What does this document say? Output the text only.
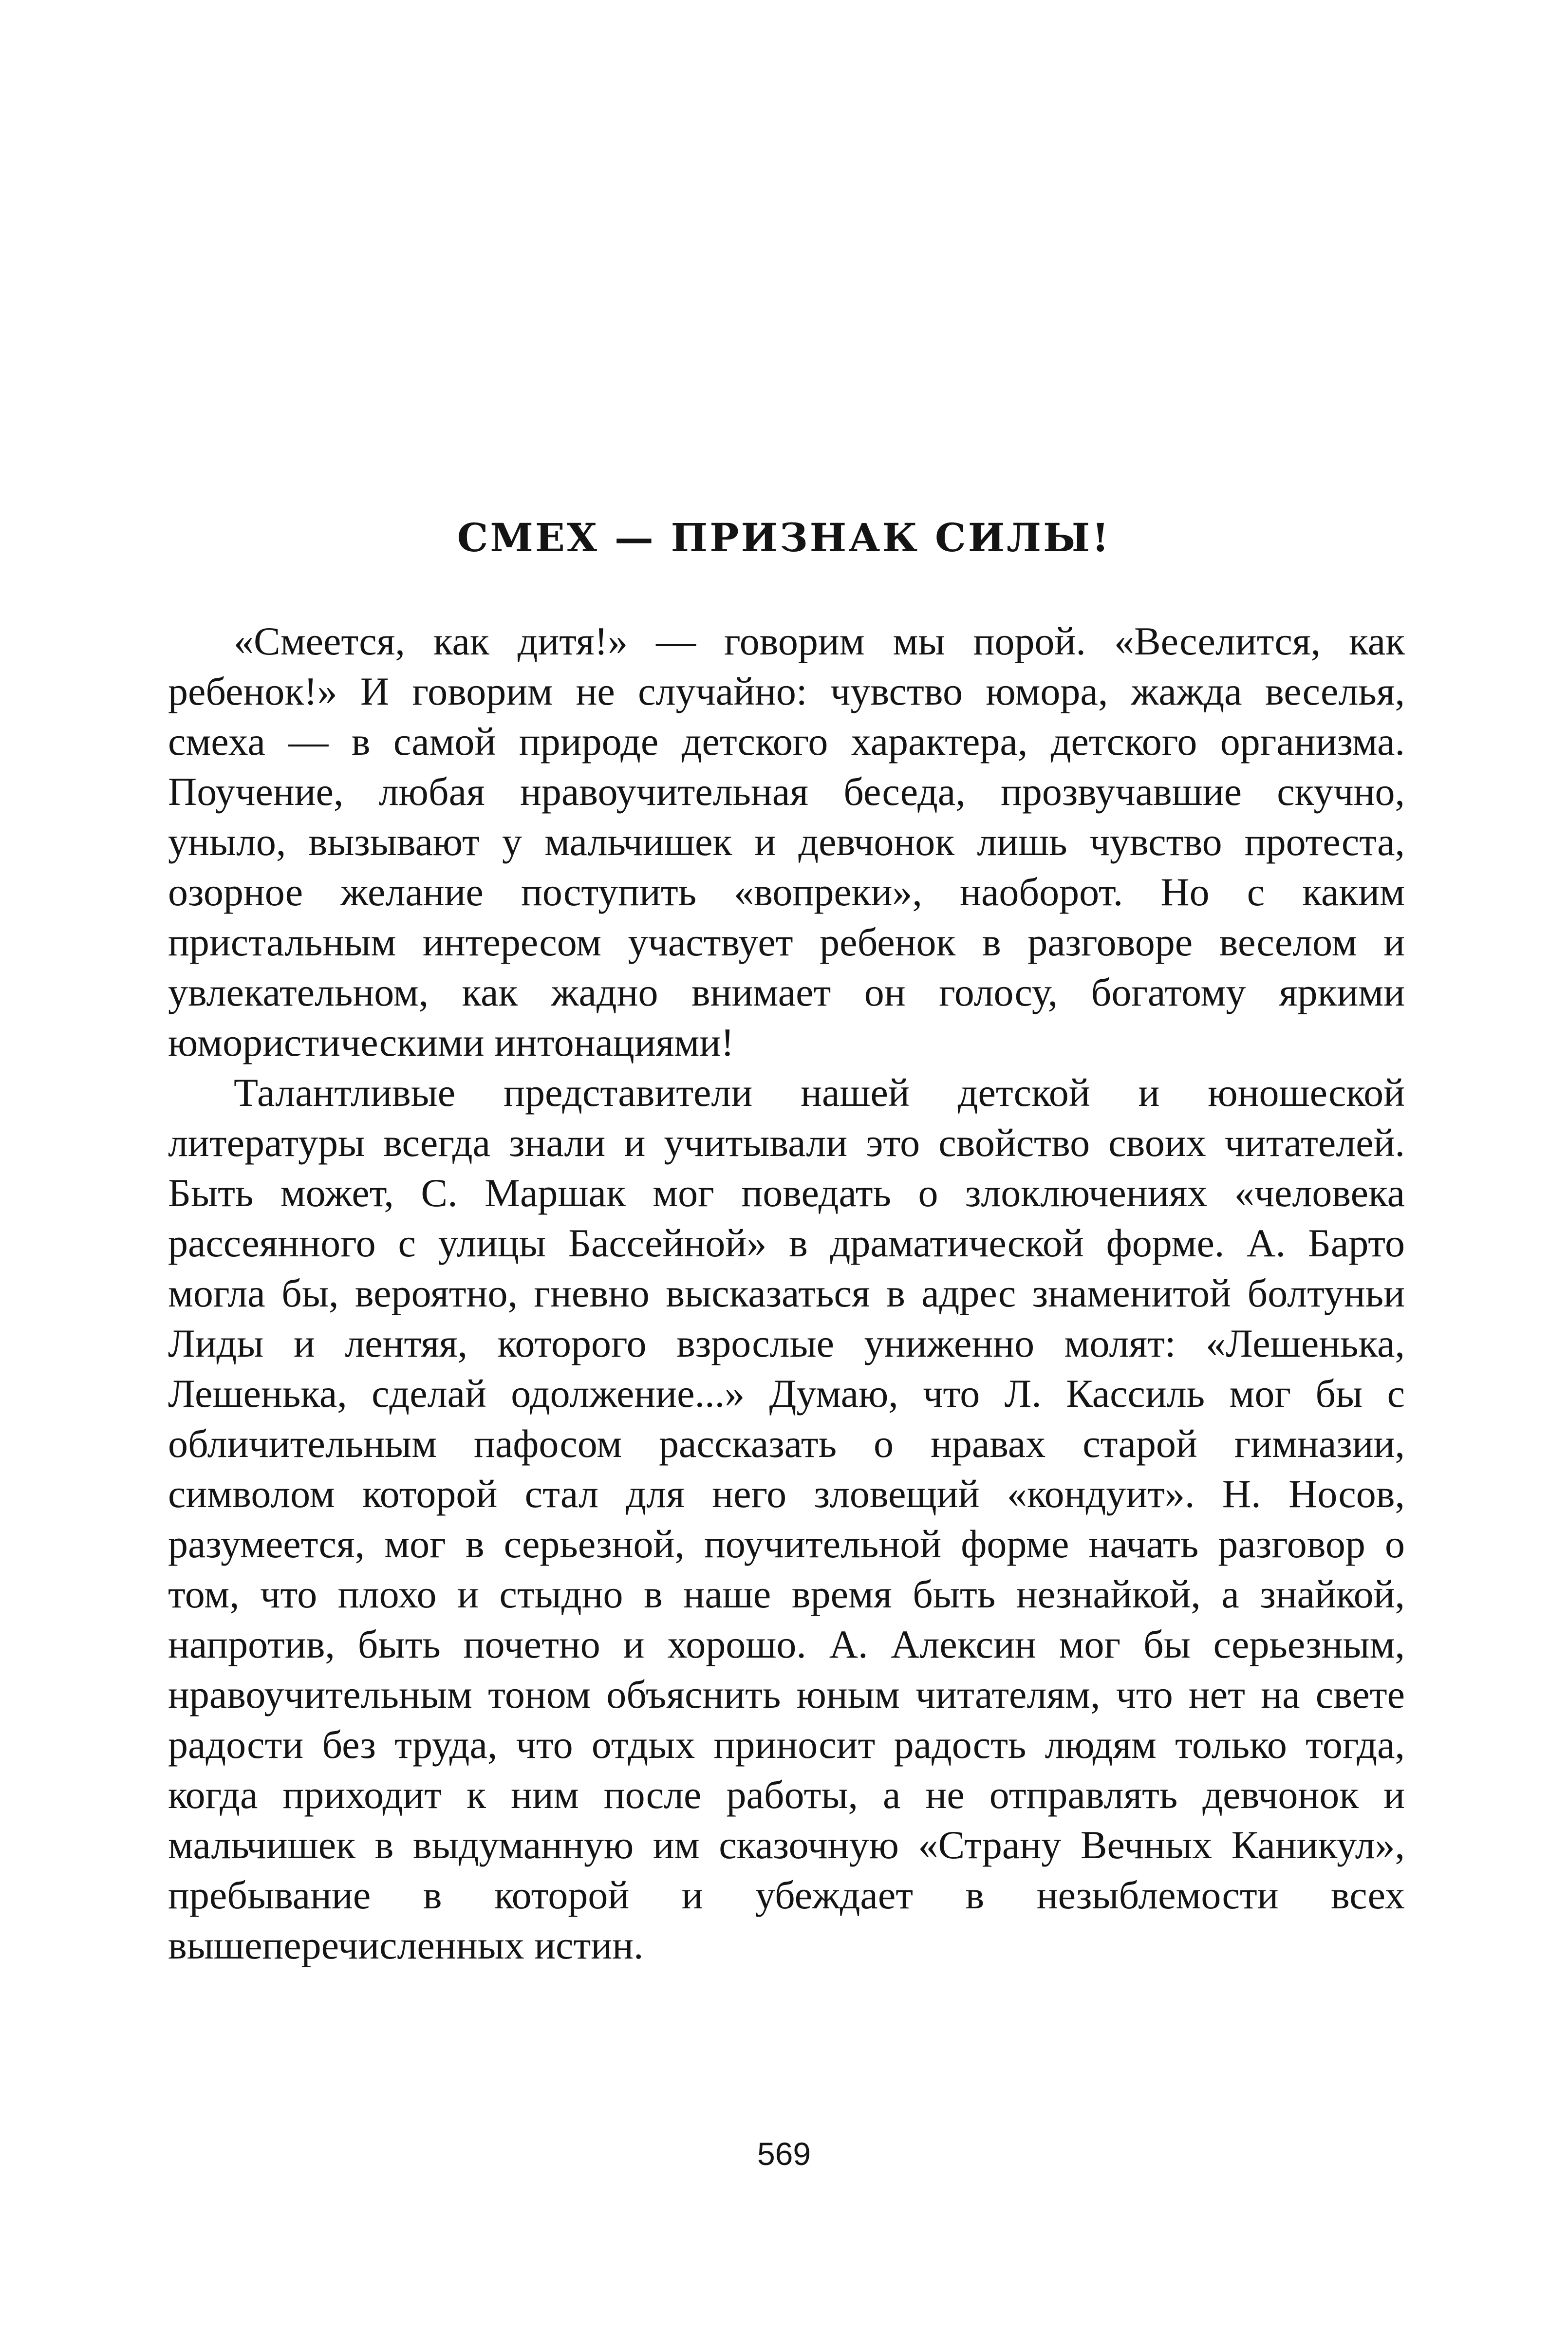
СМЕХ — ПРИЗНАК СИЛЫ!

«Смеется, как дитя!» — говорим мы порой. «Веселится, как ребенок!» И говорим не случайно: чувство юмора, жажда веселья, смеха — в самой природе детского характера, детского организма. Поучение, любая нравоучительная беседа, прозвучавшие скучно, уныло, вызывают у мальчишек и девчонок лишь чувство протеста, озорное желание поступить «вопреки», наоборот. Но с каким пристальным интересом участвует ребенок в разговоре веселом и увлекательном, как жадно внимает он голосу, богатому яркими юмористическими интонациями!

Талантливые представители нашей детской и юношеской литературы всегда знали и учитывали это свойство своих читателей. Быть может, С. Маршак мог поведать о злоключениях «человека рассеянного с улицы Бассейной» в драматической форме. А. Барто могла бы, вероятно, гневно высказаться в адрес знаменитой болтуньи Лиды и лентяя, которого взрослые униженно молят: «Лешенька, Лешенька, сделай одолжение...» Думаю, что Л. Кассиль мог бы с обличительным пафосом рассказать о нравах старой гимназии, символом которой стал для него зловещий «кондуит». Н. Носов, разумеется, мог в серьезной, поучительной форме начать разговор о том, что плохо и стыдно в наше время быть незнайкой, а знайкой, напротив, быть почетно и хорошо. А. Алексин мог бы серьезным, нравоучительным тоном объяснить юным читателям, что нет на свете радости без труда, что отдых приносит радость людям только тогда, когда приходит к ним после работы, а не отправлять девчонок и мальчишек в выдуманную им сказочную «Страну Вечных Каникул», пребывание в которой и убеждает в незыблемости всех вышеперечисленных истин.

569
